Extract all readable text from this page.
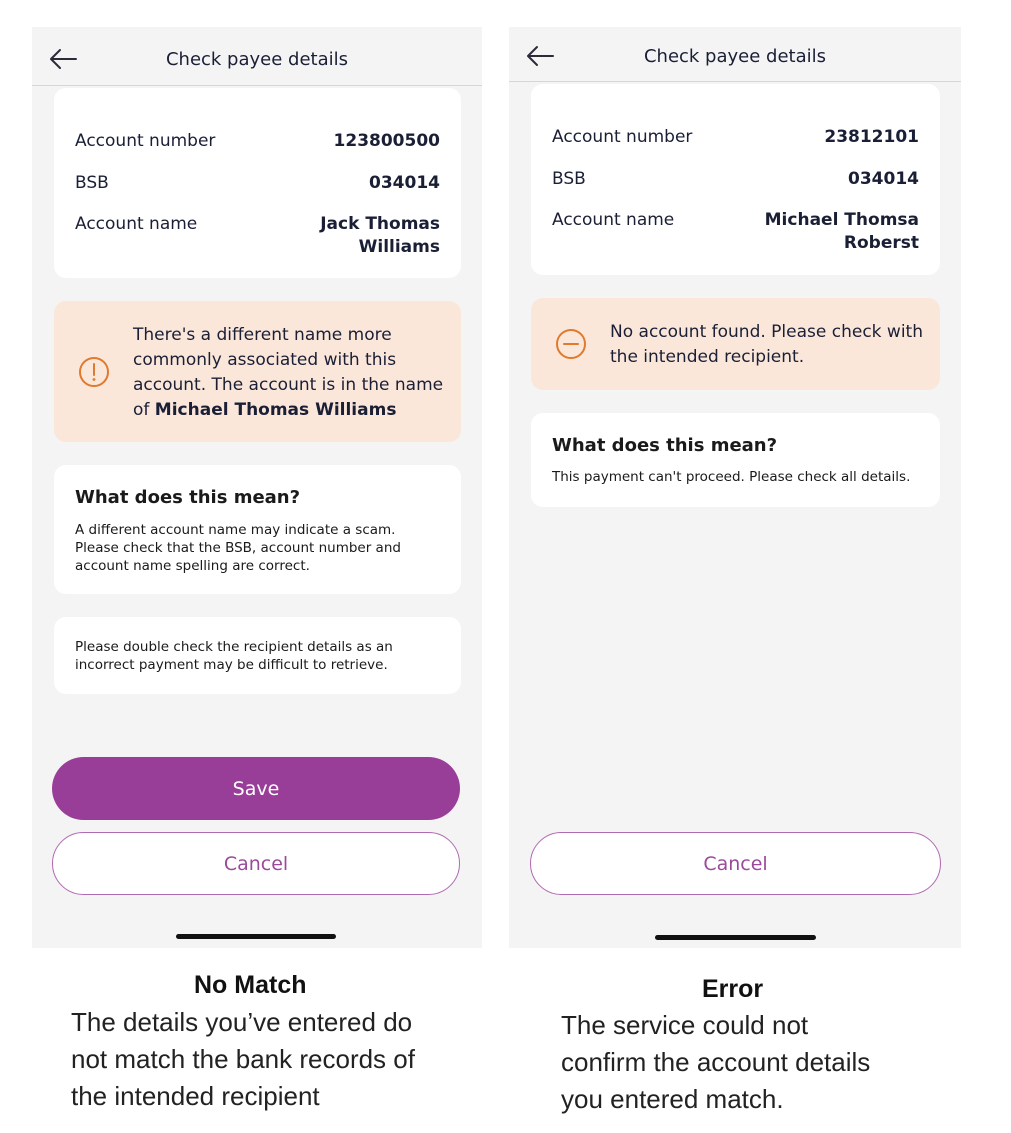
Check payee details
Account number	123800500
BSB	034014
Account name	Jack Thomas
Williams
There's a different name more
commonly associated with this
account. The account is in the name
of Michael Thomas Williams
What does this mean?
A different account name may indicate a scam.
Please check that the BSB, account number and
account name spelling are correct.
Please double check the recipient details as an
incorrect payment may be difficult to retrieve.
Save
Cancel
Check payee details
Account number	23812101
BSB	034014
Account name	Michael Thomsa
Roberst
No account found. Please check with
the intended recipient.
What does this mean?
This payment can't proceed. Please check all details.
Cancel
No Match
The details you’ve entered do
not match the bank records of
the intended recipient
Error
The service could not
confirm the account details
you entered match.
